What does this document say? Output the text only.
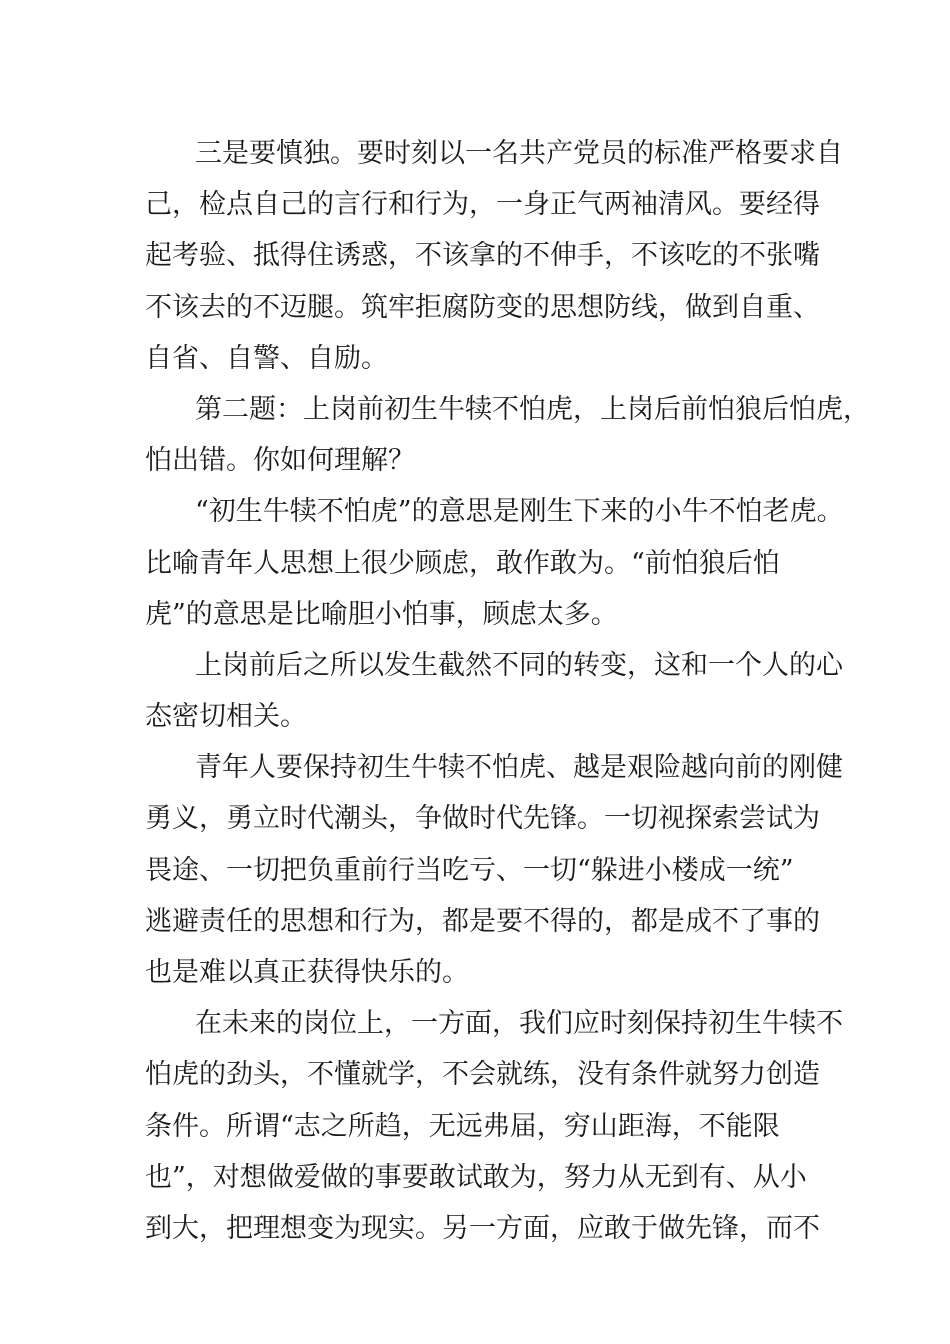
三是要慎独。要时刻以一名共产党员的标准严格要求自
己，检点自己的言行和行为，一身正气两袖清风。要经得
起考验、抵得住诱惑，不该拿的不伸手，不该吃的不张嘴
不该去的不迈腿。筑牢拒腐防变的思想防线，做到自重、
自省、自警、自励。
第二题：上岗前初生牛犊不怕虎，上岗后前怕狼后怕虎，
怕出错。你如何理解？
“初生牛犊不怕虎”的意思是刚生下来的小牛不怕老虎。
比喻青年人思想上很少顾虑，敢作敢为。“前怕狼后怕
虎”的意思是比喻胆小怕事，顾虑太多。
上岗前后之所以发生截然不同的转变，这和一个人的心
态密切相关。
青年人要保持初生牛犊不怕虎、越是艰险越向前的刚健
勇义，勇立时代潮头，争做时代先锋。一切视探索尝试为
畏途、一切把负重前行当吃亏、一切“躲进小楼成一统”
逃避责任的思想和行为，都是要不得的，都是成不了事的
也是难以真正获得快乐的。
在未来的岗位上，一方面，我们应时刻保持初生牛犊不
怕虎的劲头，不懂就学，不会就练，没有条件就努力创造
条件。所谓“志之所趋，无远弗届，穷山距海，不能限
也”，对想做爱做的事要敢试敢为，努力从无到有、从小
到大，把理想变为现实。另一方面，应敢于做先锋，而不
